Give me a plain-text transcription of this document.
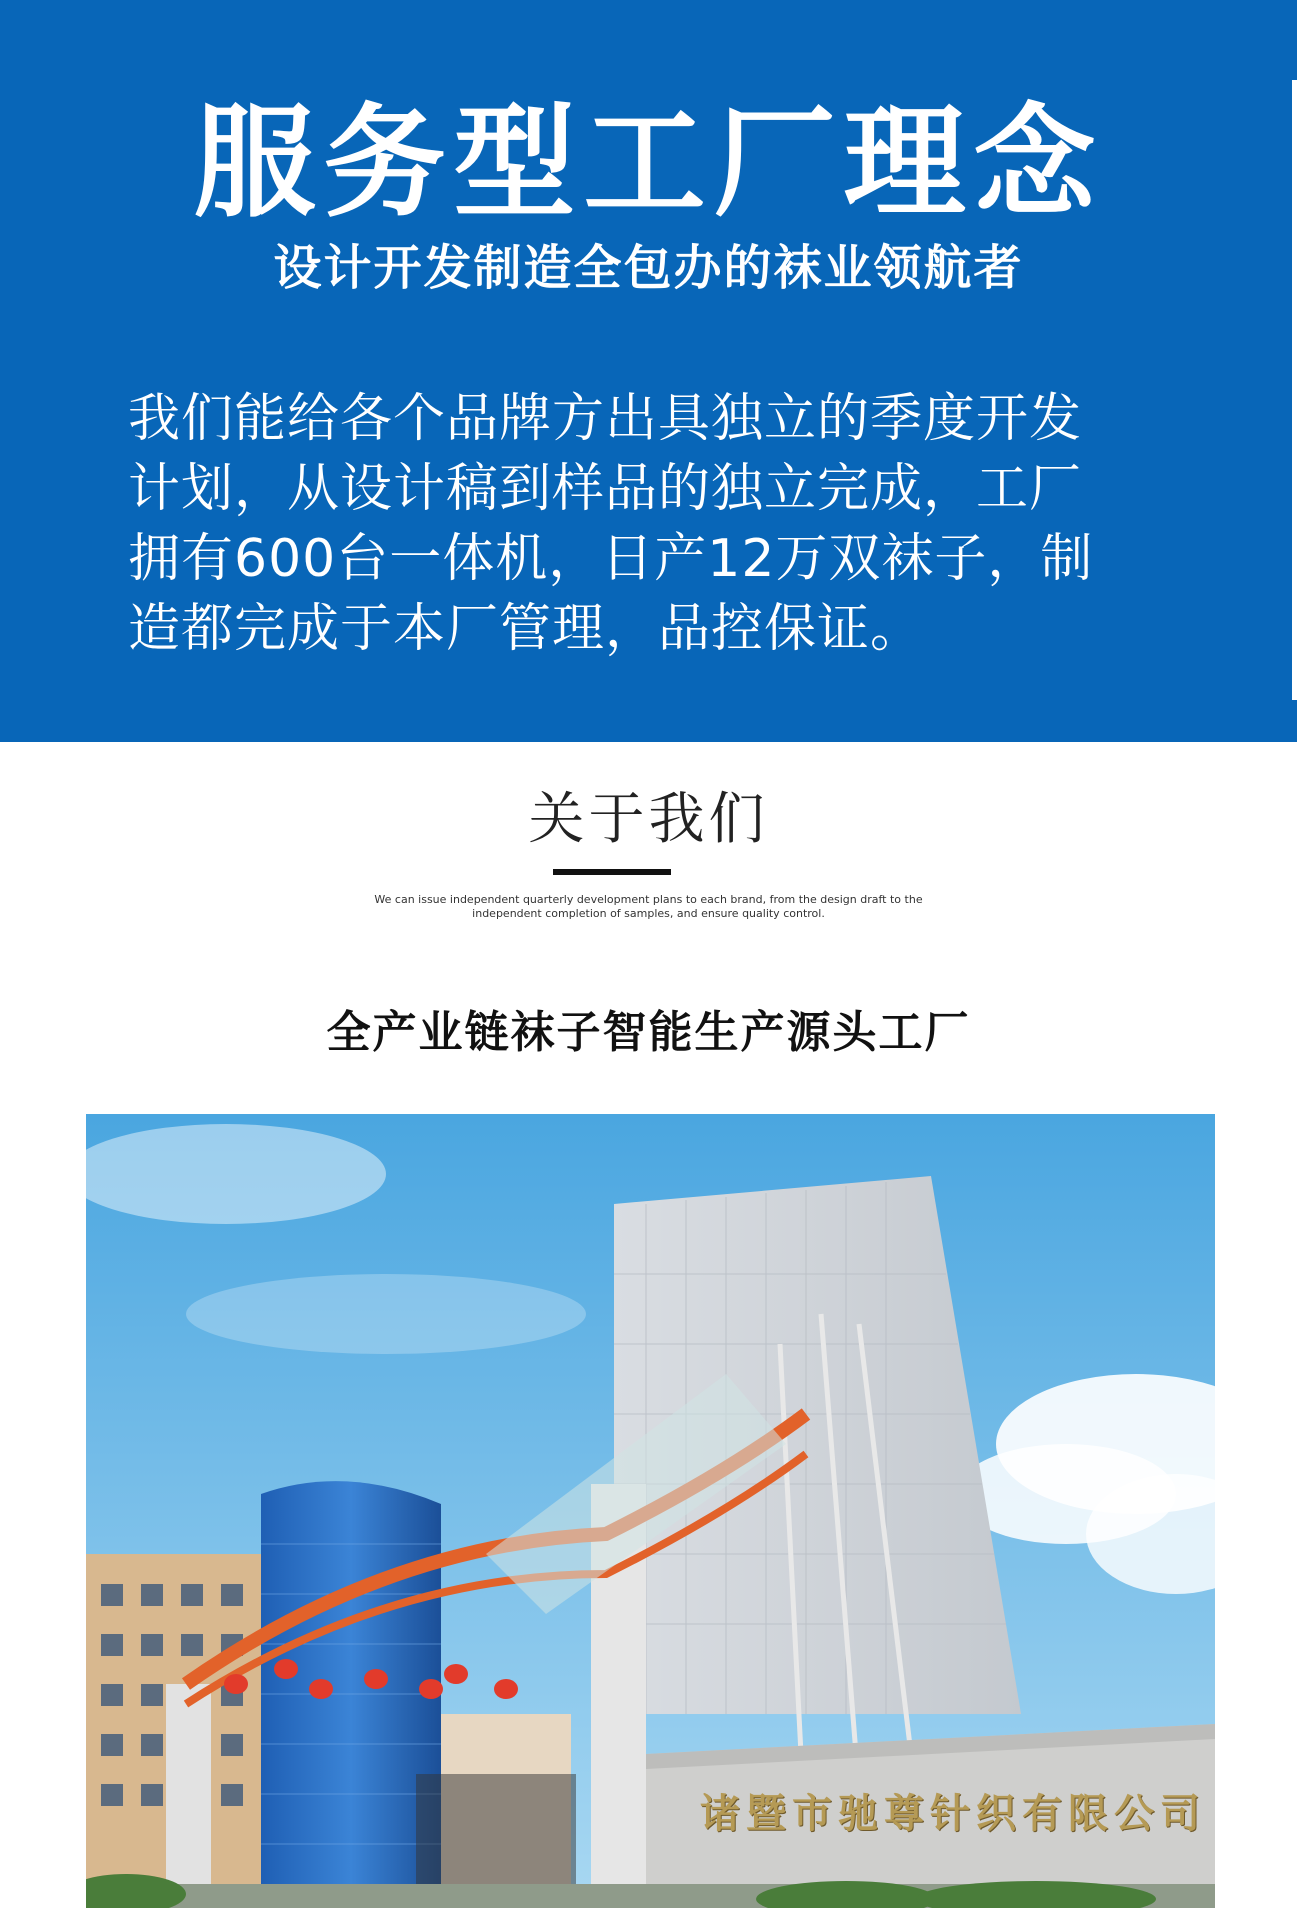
服务型工厂理念
设计开发制造全包办的袜业领航者
我们能给各个品牌方出具独立的季度开发
计划，从设计稿到样品的独立完成，工厂
拥有600台一体机，日产12万双袜子，制
造都完成于本厂管理，品控保证。
关于我们
We can issue independent quarterly development plans to each brand, from the design draft to the
independent completion of samples, and ensure quality control.
全产业链袜子智能生产源头工厂
诸暨市驰尊针织有限公司
